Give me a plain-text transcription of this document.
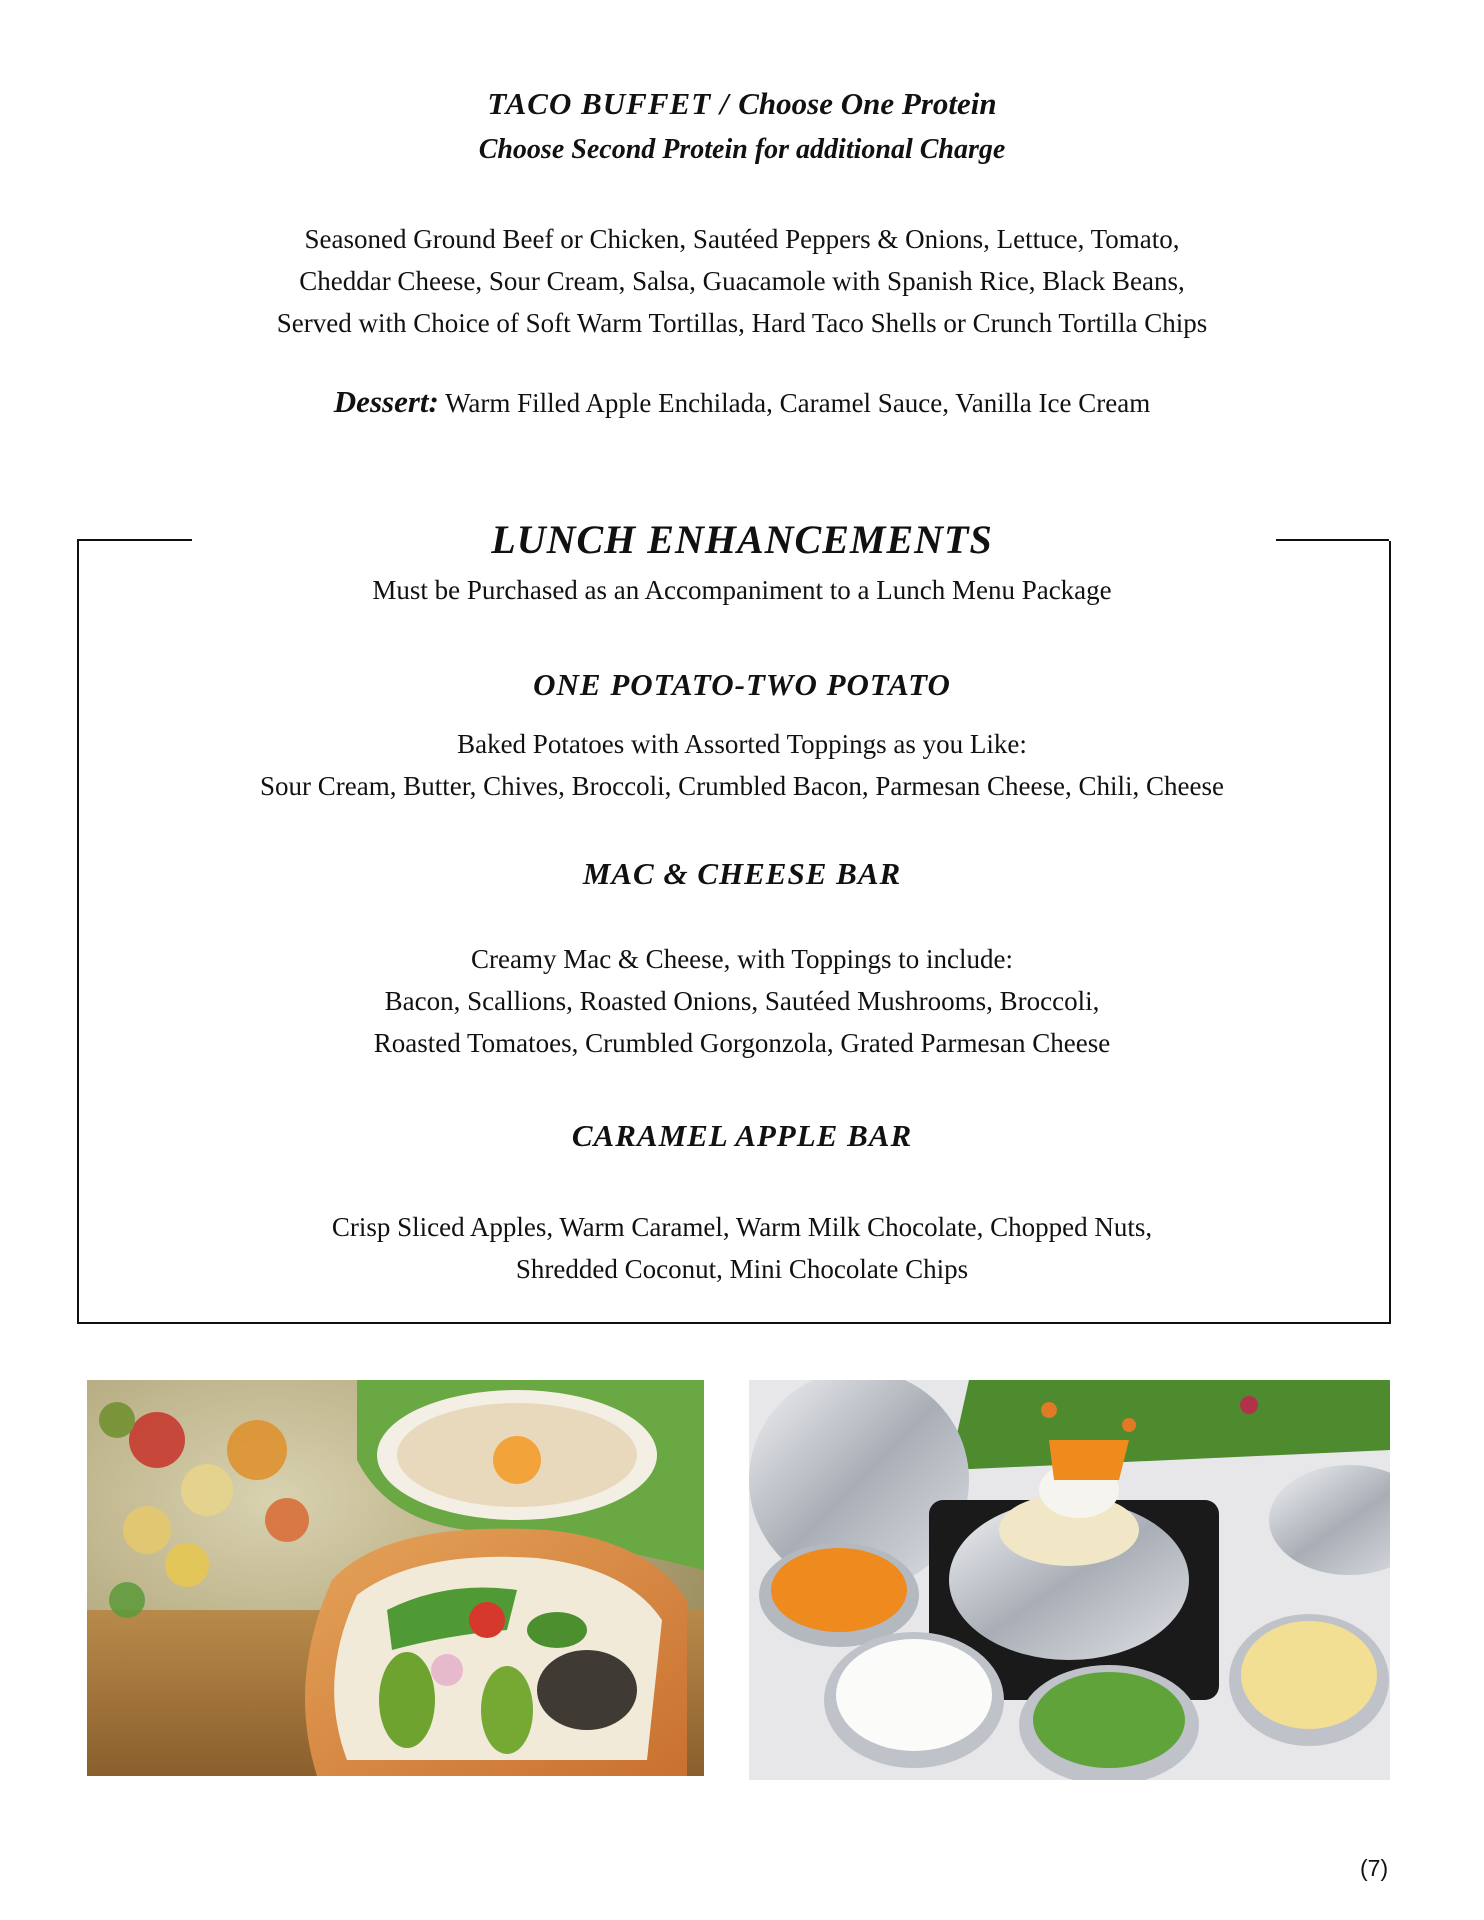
TACO BUFFET / Choose One Protein
Choose Second Protein for additional Charge
Seasoned Ground Beef or Chicken, Sautéed Peppers & Onions, Lettuce, Tomato,
Cheddar Cheese, Sour Cream, Salsa, Guacamole with Spanish Rice, Black Beans,
Served with Choice of Soft Warm Tortillas, Hard Taco Shells or Crunch Tortilla Chips
Dessert: Warm Filled Apple Enchilada, Caramel Sauce, Vanilla Ice Cream
LUNCH ENHANCEMENTS
Must be Purchased as an Accompaniment to a Lunch Menu Package
ONE POTATO-TWO POTATO
Baked Potatoes with Assorted Toppings as you Like:
Sour Cream, Butter, Chives, Broccoli, Crumbled Bacon, Parmesan Cheese, Chili, Cheese
MAC & CHEESE BAR
Creamy Mac & Cheese, with Toppings to include:
Bacon, Scallions, Roasted Onions, Sautéed Mushrooms, Broccoli,
Roasted Tomatoes, Crumbled Gorgonzola, Grated Parmesan Cheese
CARAMEL APPLE BAR
Crisp Sliced Apples, Warm Caramel, Warm Milk Chocolate, Chopped Nuts,
Shredded Coconut, Mini Chocolate Chips
(7)
